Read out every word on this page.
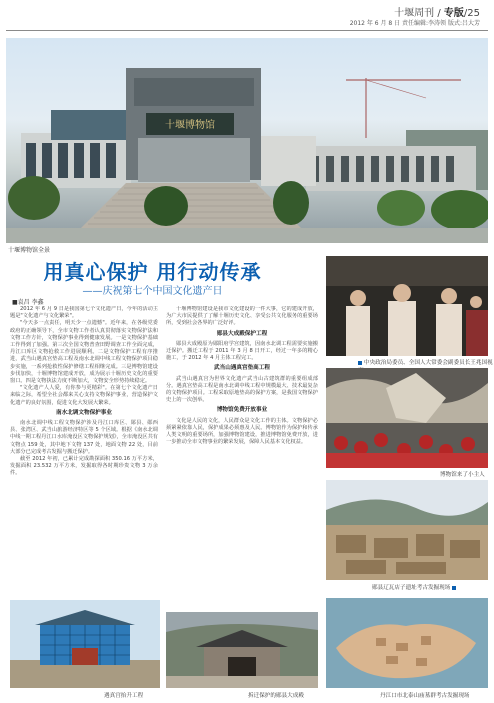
十堰周刊 / 专版/25
2012 年 6 月 8 日 责任编辑:李涛领 版式:吕大芳
十堰博物馆
十堰博物馆全景
用真心保护 用行动传承
——庆祝第七个中国文化遗产日
■袁昌 李鑫

2012 年 6 月 9 日是我国第七个文化遗产日，今年的活动主题是"文化遗产与文化繁荣"。

"今天多一点责任，明天少一点遗憾"。近年来，在各级党委政府的正确领导下，全市文物工作者认真贯彻落实文物保护法和文物工作方针，文物保护事业得到健康发展。一是文物保护基础工作得到了加强。第三次全国文物普查田野调查工作全面完成，丹江口库区文物抢救工作进展顺利。二是文物保护工程有序推进，武当山遇真宫垫高工程及南水北调中线工程文物保护项目稳步实施，一系列抢救性保护修缮工程相继完成。三是博物馆建设步伐加快，十堰博物馆建成开放，成为展示十堰历史文化的重要窗口。四是文物执法力度不断加大，文物安全形势持续稳定。

"文化遗产人人爱，有你参与更精彩"。在第七个文化遗产日来临之际，希望全社会都来关心支持文物保护事业，营造保护文化遗产的良好氛围，促进文化大发展大繁荣。

南水北调文物保护事业

南水北调中线工程文物保护涉及丹江口库区、郧县、郧西县、张湾区、武当山旅游经济特区等 5 个区域。根据《南水北调中线一期工程丹江口水库淹没区文物保护规划》，全市淹没区共有文物点 159 处，其中地下文物 137 处，地面文物 22 处，目前大部分已完成考古发掘与搬迁保护。

截至 2012 年初，已累计完成勘探面积 350.16 万平方米，发掘面积 23.532 万平方米，发掘取得各时期珍贵文物 3 万余件。

十堰博物馆建设是我市文化建设的一件大事，它的建成开放，为广大市民提供了了解十堰历史文化、享受公共文化服务的重要场所，受到社会各界的广泛好评。

郧县大成殿保护工程

郧县大成殿原为郧阳府学宫建筑，因南水北调工程需要实施搬迁保护。搬迁工程于 2011 年 3 月 8 日开工，经过一年多的精心施工，于 2012 年 4 月主体工程完工。

武当山遇真宫垫高工程

武当山遇真宫为世界文化遗产武当山古建筑群的重要组成部分。遇真宫垫高工程是南水北调中线工程中规模最大、技术最复杂的文物保护项目。工程采取原地垫高的保护方案，是我国文物保护史上的一次创举。

博物馆免费开放事业

文化是人民的文化，人民群众是文化工作的主体。文物保护必须紧紧依靠人民，保护成果必须惠及人民。博物馆作为保护和传承人类文明的重要场所，加强博物馆建设，推进博物馆免费开放，进一步推动全市文物事业的繁荣发展，保障人民基本文化权益。

中央政治局委员、全国人大常委会副委员长王兆国视
博物馆来了小主人
郧县辽瓦店子遗址考古发掘现场
遇真宫抬升工程	拆迁保护的郧县大成殿	丹江口市北泰山庙墓群考古发掘现场
